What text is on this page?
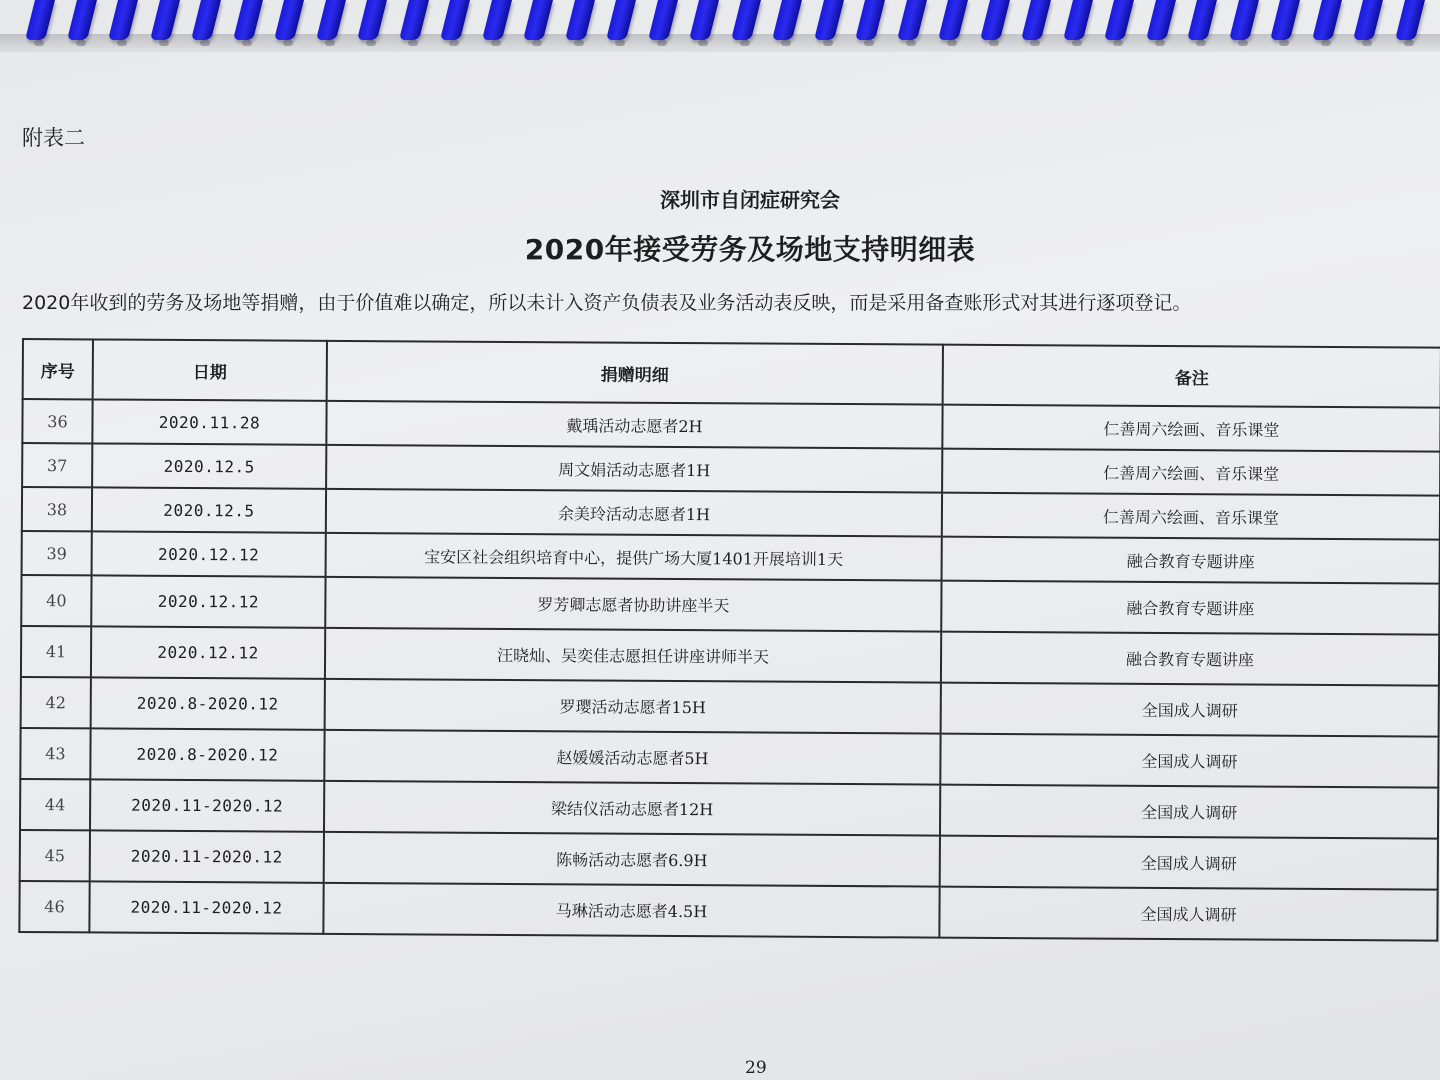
附表二
深圳市自闭症研究会
2020年接受劳务及场地支持明细表
2020年收到的劳务及场地等捐赠，由于价值难以确定，所以未计入资产负债表及业务活动表反映，而是采用备查账形式对其进行逐项登记。
序号	日期	捐赠明细	备注
36	2020.11.28	戴瑀活动志愿者2H	仁善周六绘画、音乐课堂
37	2020.12.5	周文娟活动志愿者1H	仁善周六绘画、音乐课堂
38	2020.12.5	余美玲活动志愿者1H	仁善周六绘画、音乐课堂
39	2020.12.12	宝安区社会组织培育中心，提供广场大厦1401开展培训1天	融合教育专题讲座
40	2020.12.12	罗芳卿志愿者协助讲座半天	融合教育专题讲座
41	2020.12.12	汪晓灿、吴奕佳志愿担任讲座讲师半天	融合教育专题讲座
42	2020.8-2020.12	罗璎活动志愿者15H	全国成人调研
43	2020.8-2020.12	赵媛媛活动志愿者5H	全国成人调研
44	2020.11-2020.12	梁结仪活动志愿者12H	全国成人调研
45	2020.11-2020.12	陈畅活动志愿者6.9H	全国成人调研
46	2020.11-2020.12	马琳活动志愿者4.5H	全国成人调研
29
